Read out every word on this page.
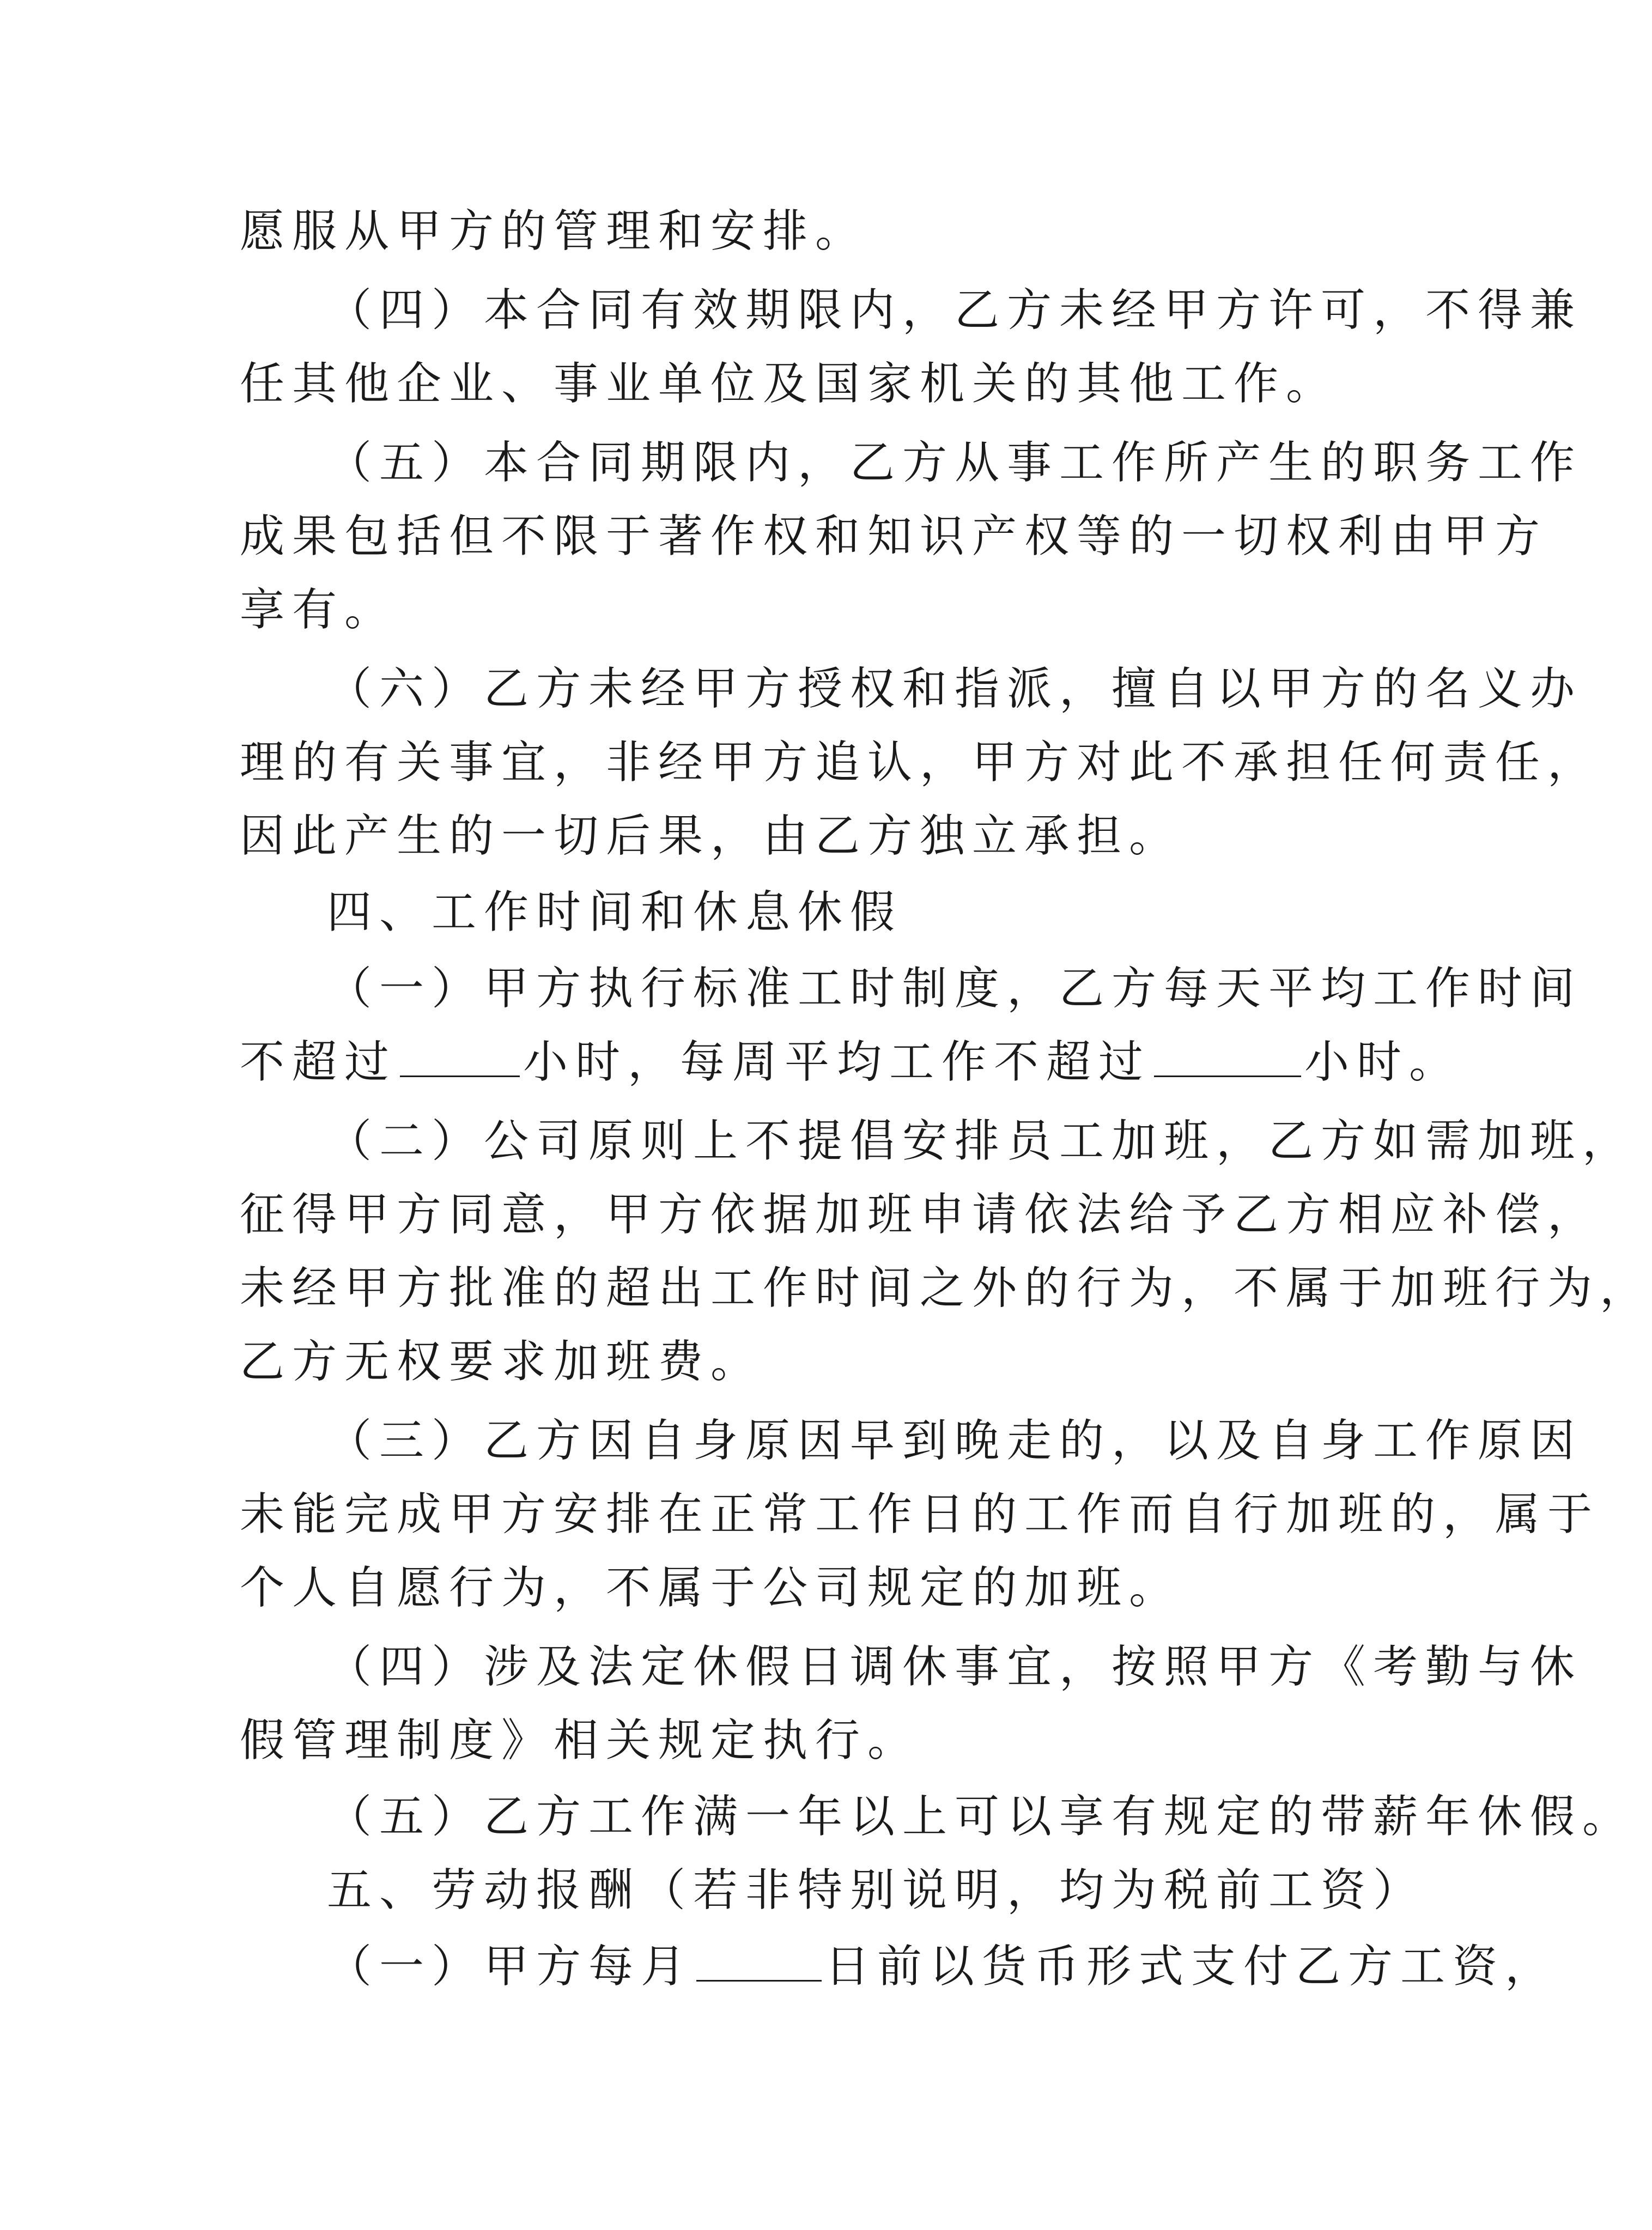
愿服从甲方的管理和安排。
（四）本合同有效期限内，乙方未经甲方许可，不得兼
任其他企业、事业单位及国家机关的其他工作。
（五）本合同期限内，乙方从事工作所产生的职务工作
成果包括但不限于著作权和知识产权等的一切权利由甲方
享有。
（六）乙方未经甲方授权和指派，擅自以甲方的名义办
理的有关事宜，非经甲方追认，甲方对此不承担任何责任，
因此产生的一切后果，由乙方独立承担。
四、工作时间和休息休假
（一）甲方执行标准工时制度，乙方每天平均工作时间
不超过	小时，每周平均工作不超过	小时。
（二）公司原则上不提倡安排员工加班，乙方如需加班，
征得甲方同意，甲方依据加班申请依法给予乙方相应补偿，
未经甲方批准的超出工作时间之外的行为，不属于加班行为，
乙方无权要求加班费。
（三）乙方因自身原因早到晚走的，以及自身工作原因
未能完成甲方安排在正常工作日的工作而自行加班的，属于
个人自愿行为，不属于公司规定的加班。
（四）涉及法定休假日调休事宜，按照甲方《考勤与休
假管理制度》相关规定执行。
（五）乙方工作满一年以上可以享有规定的带薪年休假。
五、劳动报酬（若非特别说明，均为税前工资）
（一）甲方每月	日前以货币形式支付乙方工资，
